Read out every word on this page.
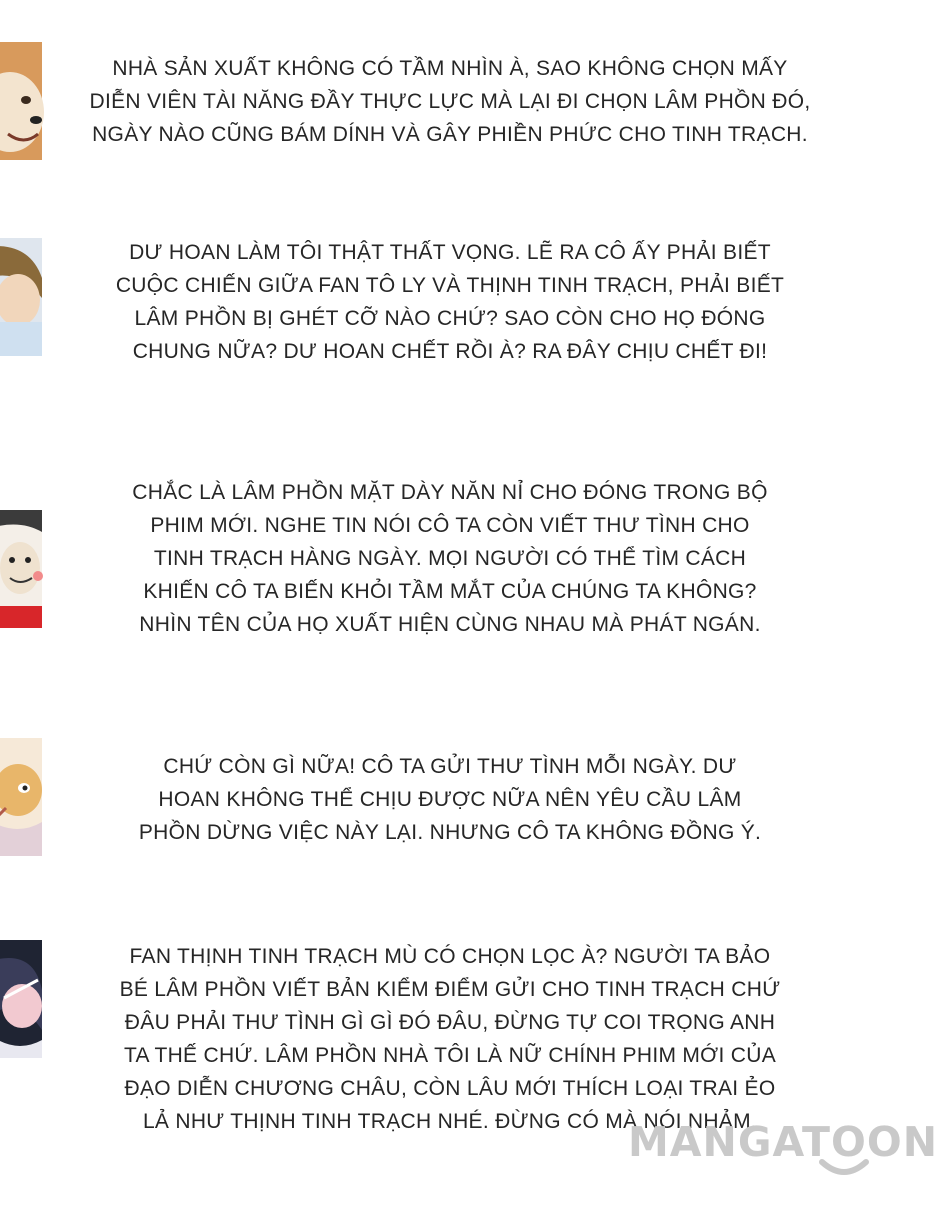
NHÀ SẢN XUẤT KHÔNG CÓ TẦM NHÌN À, SAO KHÔNG CHỌN MẤY

DIỄN VIÊN TÀI NĂNG ĐẦY THỰC LỰC MÀ LẠI ĐI CHỌN LÂM PHỒN ĐÓ,

NGÀY NÀO CŨNG BÁM DÍNH VÀ GÂY PHIỀN PHỨC CHO TINH TRẠCH.

DƯ HOAN LÀM TÔI THẬT THẤT VỌNG. LẼ RA CÔ ẤY PHẢI BIẾT

CUỘC CHIẾN GIỮA FAN TÔ LY VÀ THỊNH TINH TRẠCH, PHẢI BIẾT

LÂM PHỒN BỊ GHÉT CỠ NÀO CHỨ? SAO CÒN CHO HỌ ĐÓNG

CHUNG NỮA? DƯ HOAN CHẾT RỒI À? RA ĐÂY CHỊU CHẾT ĐI!

CHẮC LÀ LÂM PHỒN MẶT DÀY NĂN NỈ CHO ĐÓNG TRONG BỘ

PHIM MỚI. NGHE TIN NÓI CÔ TA CÒN VIẾT THƯ TÌNH CHO

TINH TRẠCH HÀNG NGÀY. MỌI NGƯỜI CÓ THỂ TÌM CÁCH

KHIẾN CÔ TA BIẾN KHỎI TẦM MẮT CỦA CHÚNG TA KHÔNG?

NHÌN TÊN CỦA HỌ XUẤT HIỆN CÙNG NHAU MÀ PHÁT NGÁN.

CHỨ CÒN GÌ NỮA! CÔ TA GỬI THƯ TÌNH MỖI NGÀY. DƯ

HOAN KHÔNG THỂ CHỊU ĐƯỢC NỮA NÊN YÊU CẦU LÂM

PHỒN DỪNG VIỆC NÀY LẠI. NHƯNG CÔ TA KHÔNG ĐỒNG Ý.

FAN THỊNH TINH TRẠCH MÙ CÓ CHỌN LỌC À? NGƯỜI TA BẢO

BÉ LÂM PHỒN VIẾT BẢN KIỂM ĐIỂM GỬI CHO TINH TRẠCH CHỨ

ĐÂU PHẢI THƯ TÌNH GÌ GÌ ĐÓ ĐÂU, ĐỪNG TỰ COI TRỌNG ANH

TA THẾ CHỨ. LÂM PHỒN NHÀ TÔI LÀ NỮ CHÍNH PHIM MỚI CỦA

ĐẠO DIỄN CHƯƠNG CHÂU, CÒN LÂU MỚI THÍCH LOẠI TRAI ẺO

LẢ NHƯ THỊNH TINH TRẠCH NHÉ. ĐỪNG CÓ MÀ NÓI NHẢM.

MANGATOON
